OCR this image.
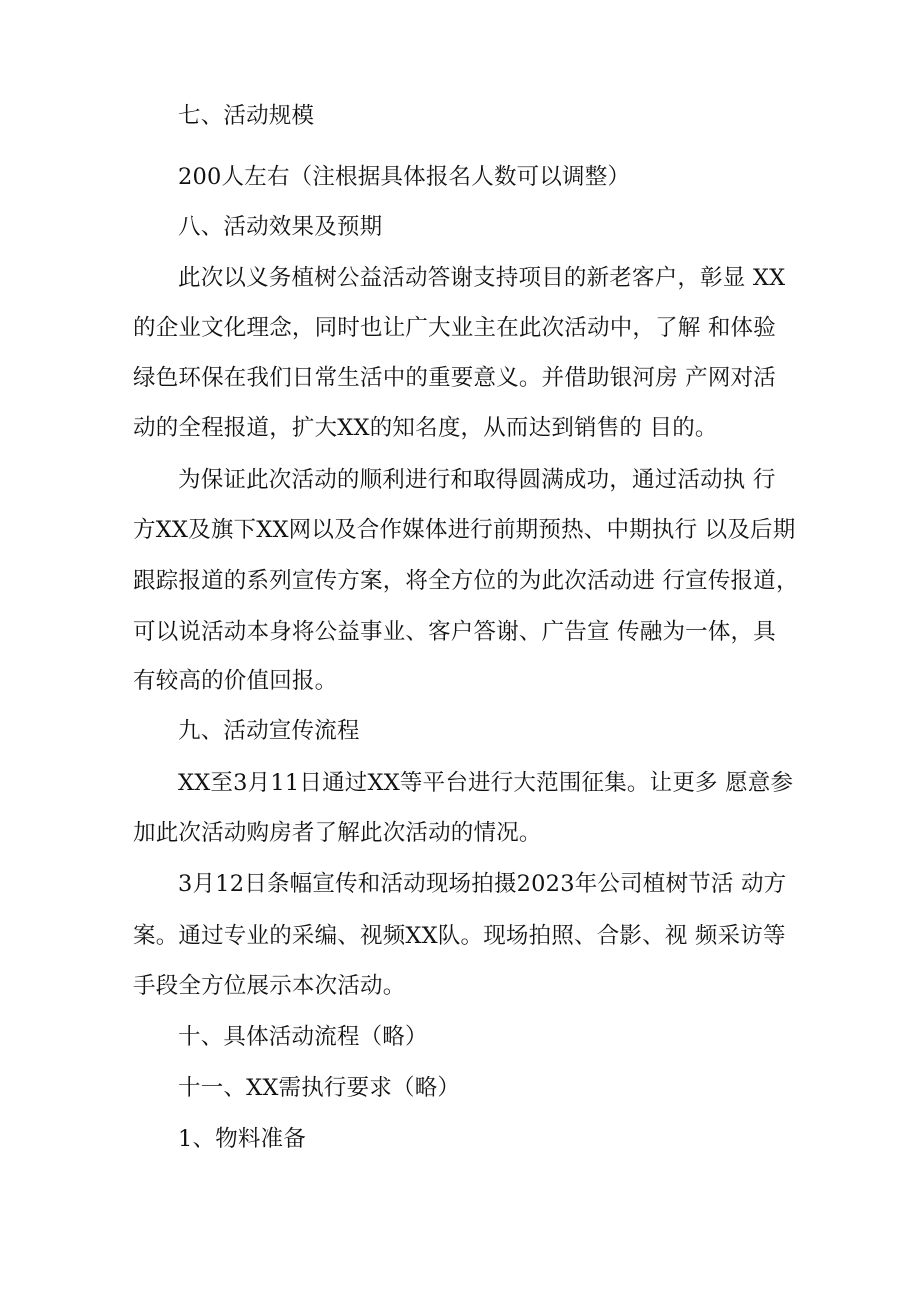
七、活动规模
200人左右（注根据具体报名人数可以调整）
八、活动效果及预期
此次以义务植树公益活动答谢支持项目的新老客户，彰显 XX
的企业文化理念，同时也让广大业主在此次活动中，了解 和体验
绿色环保在我们日常生活中的重要意义。并借助银河房 产网对活
动的全程报道，扩大XX的知名度，从而达到销售的 目的。
为保证此次活动的顺利进行和取得圆满成功，通过活动执 行
方XX及旗下XX网以及合作媒体进行前期预热、中期执行 以及后期
跟踪报道的系列宣传方案，将全方位的为此次活动进 行宣传报道，
可以说活动本身将公益事业、客户答谢、广告宣 传融为一体，具
有较高的价值回报。
九、活动宣传流程
XX至3月11日通过XX等平台进行大范围征集。让更多 愿意参
加此次活动购房者了解此次活动的情况。
3月12日条幅宣传和活动现场拍摄2023年公司植树节活 动方
案。通过专业的采编、视频XX队。现场拍照、合影、视 频采访等
手段全方位展示本次活动。
十、具体活动流程（略）
十一、XX需执行要求（略）
1、物料准备
